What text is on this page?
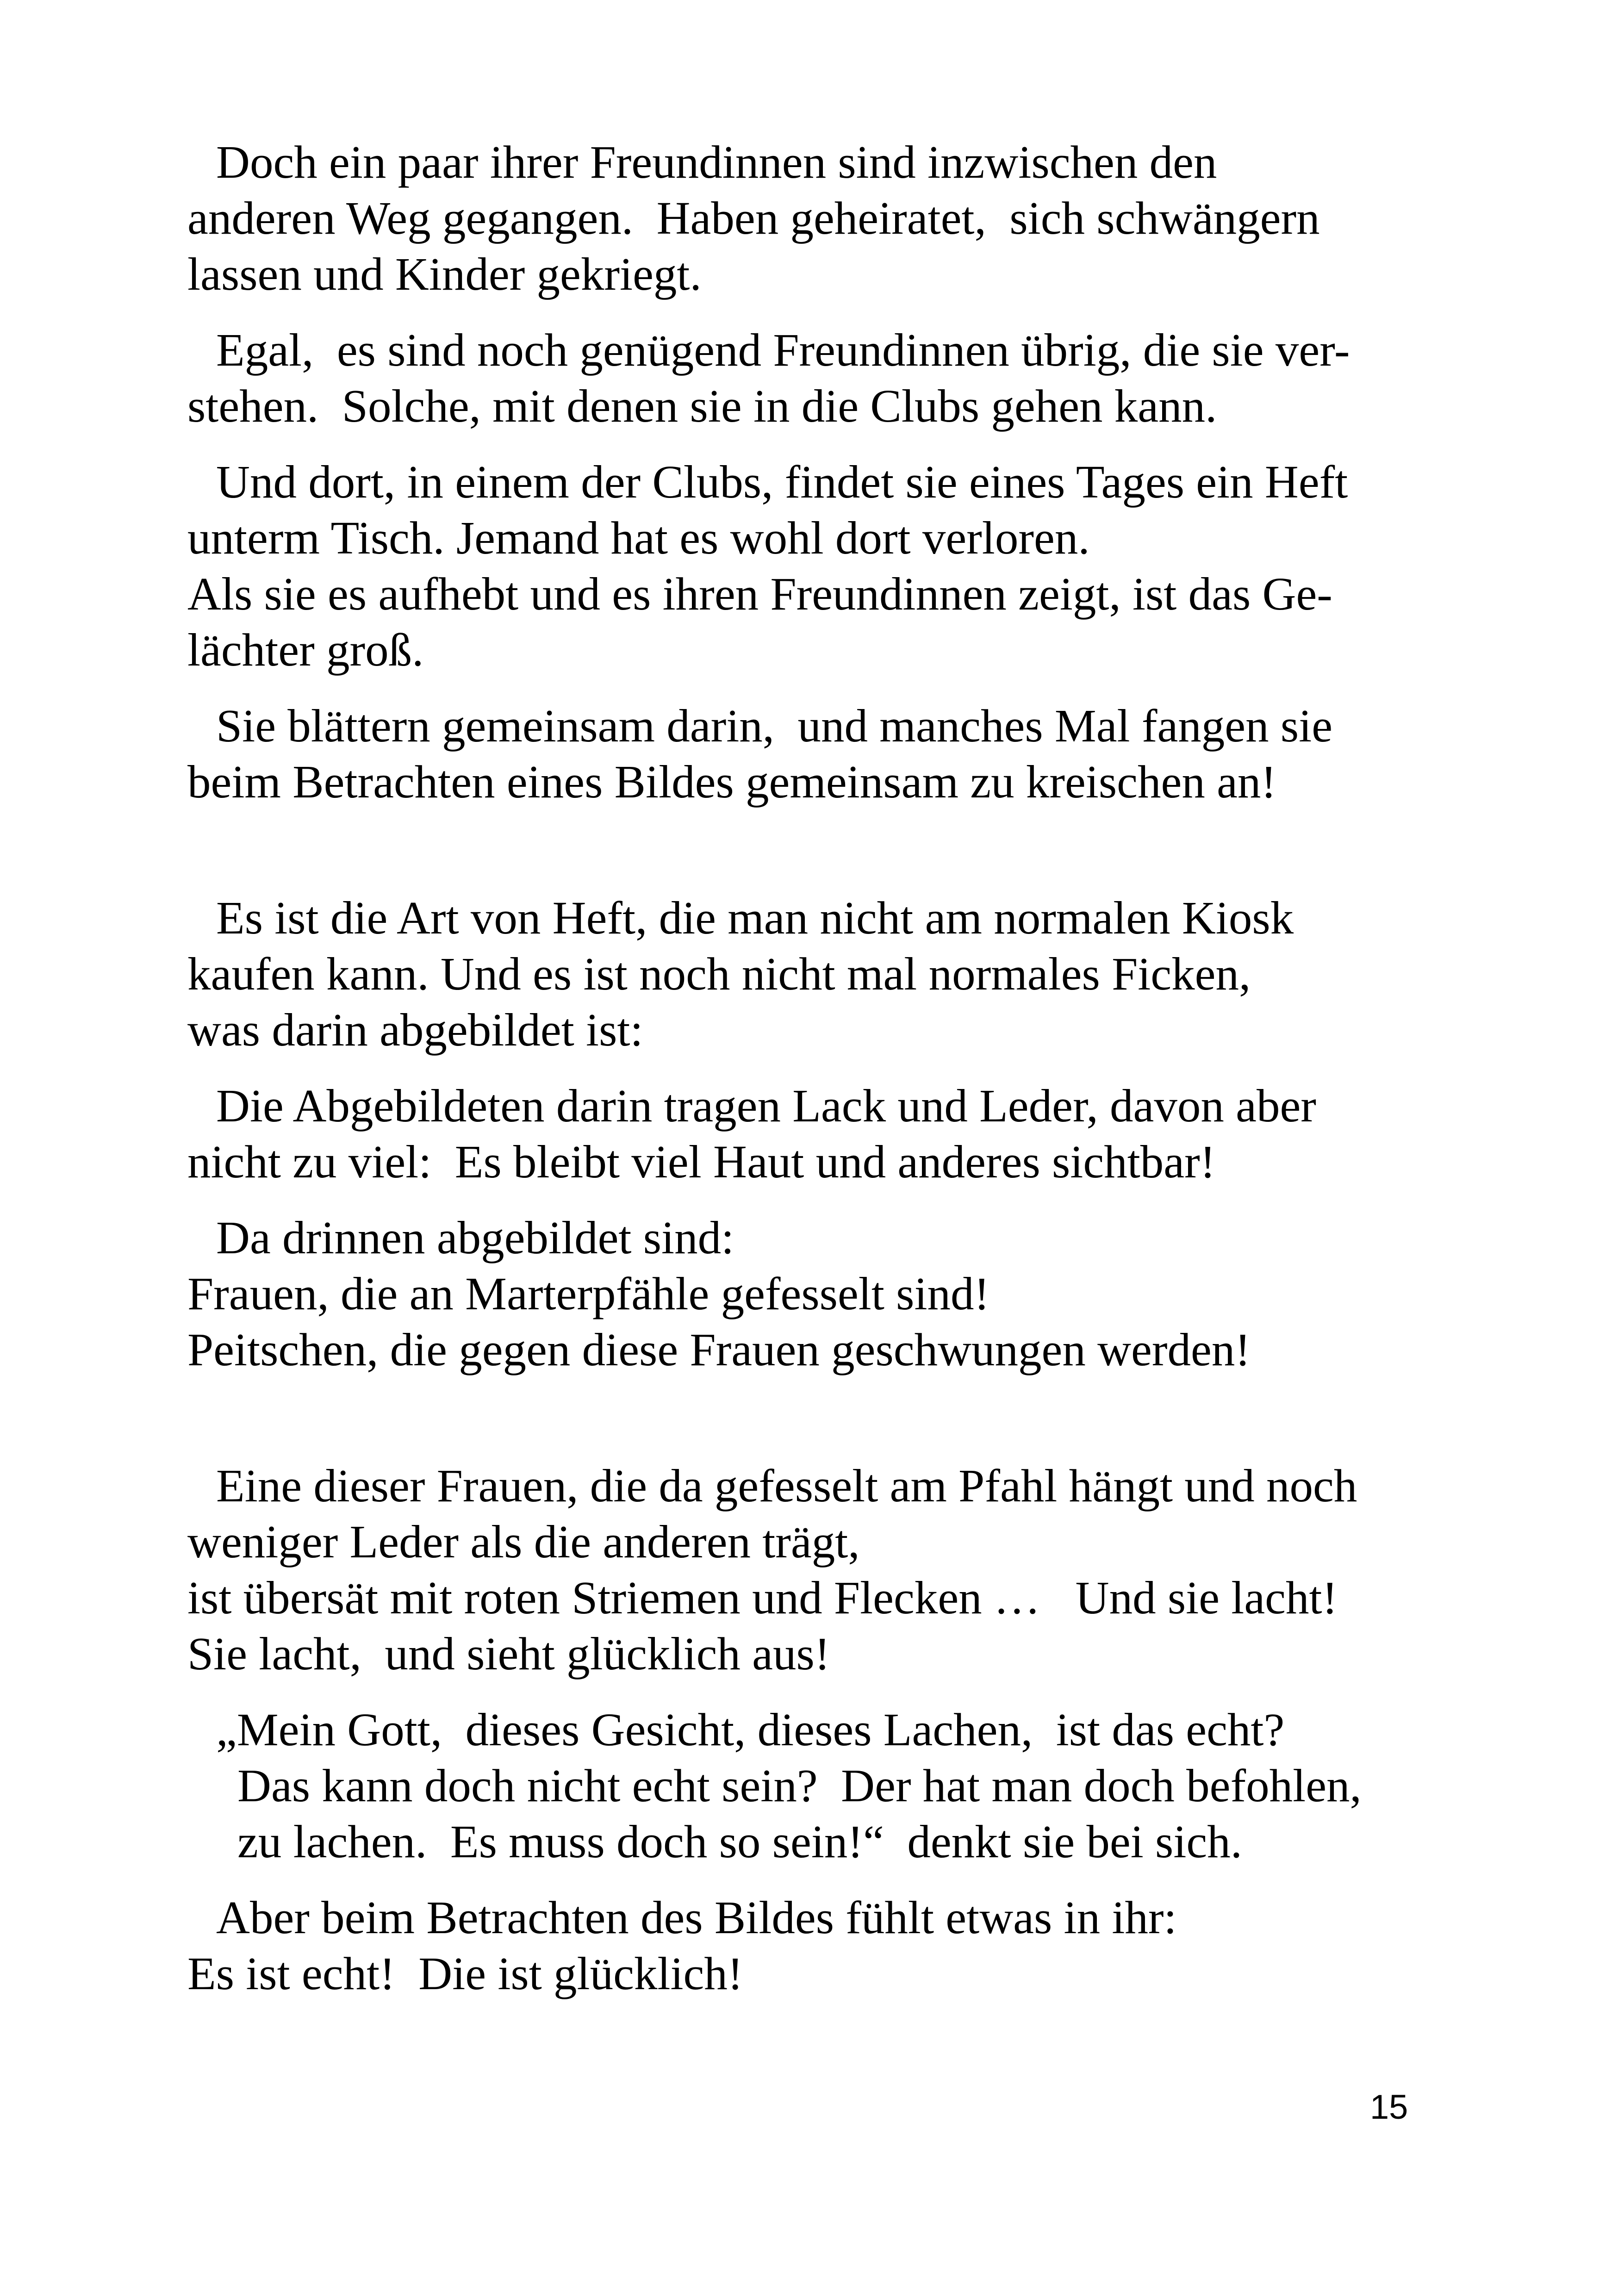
Doch ein paar ihrer Freundinnen sind inzwischen den
anderen Weg gegangen.  Haben geheiratet,  sich schwängern
lassen und Kinder gekriegt.

Egal,  es sind noch genügend Freundinnen übrig, die sie ver-
stehen.  Solche, mit denen sie in die Clubs gehen kann.

Und dort, in einem der Clubs, findet sie eines Tages ein Heft
unterm Tisch. Jemand hat es wohl dort verloren.
Als sie es aufhebt und es ihren Freundinnen zeigt, ist das Ge-
lächter groß.

Sie blättern gemeinsam darin,  und manches Mal fangen sie
beim Betrachten eines Bildes gemeinsam zu kreischen an!

Es ist die Art von Heft, die man nicht am normalen Kiosk
kaufen kann. Und es ist noch nicht mal normales Ficken,
was darin abgebildet ist:

Die Abgebildeten darin tragen Lack und Leder, davon aber
nicht zu viel:  Es bleibt viel Haut und anderes sichtbar!

Da drinnen abgebildet sind:
Frauen, die an Marterpfähle gefesselt sind!
Peitschen, die gegen diese Frauen geschwungen werden!

Eine dieser Frauen, die da gefesselt am Pfahl hängt und noch
weniger Leder als die anderen trägt,
ist übersät mit roten Striemen und Flecken …   Und sie lacht!
Sie lacht,  und sieht glücklich aus!

„Mein Gott,  dieses Gesicht, dieses Lachen,  ist das echt?
Das kann doch nicht echt sein?  Der hat man doch befohlen,
zu lachen.  Es muss doch so sein!“  denkt sie bei sich.

Aber beim Betrachten des Bildes fühlt etwas in ihr:
Es ist echt!  Die ist glücklich!

15
